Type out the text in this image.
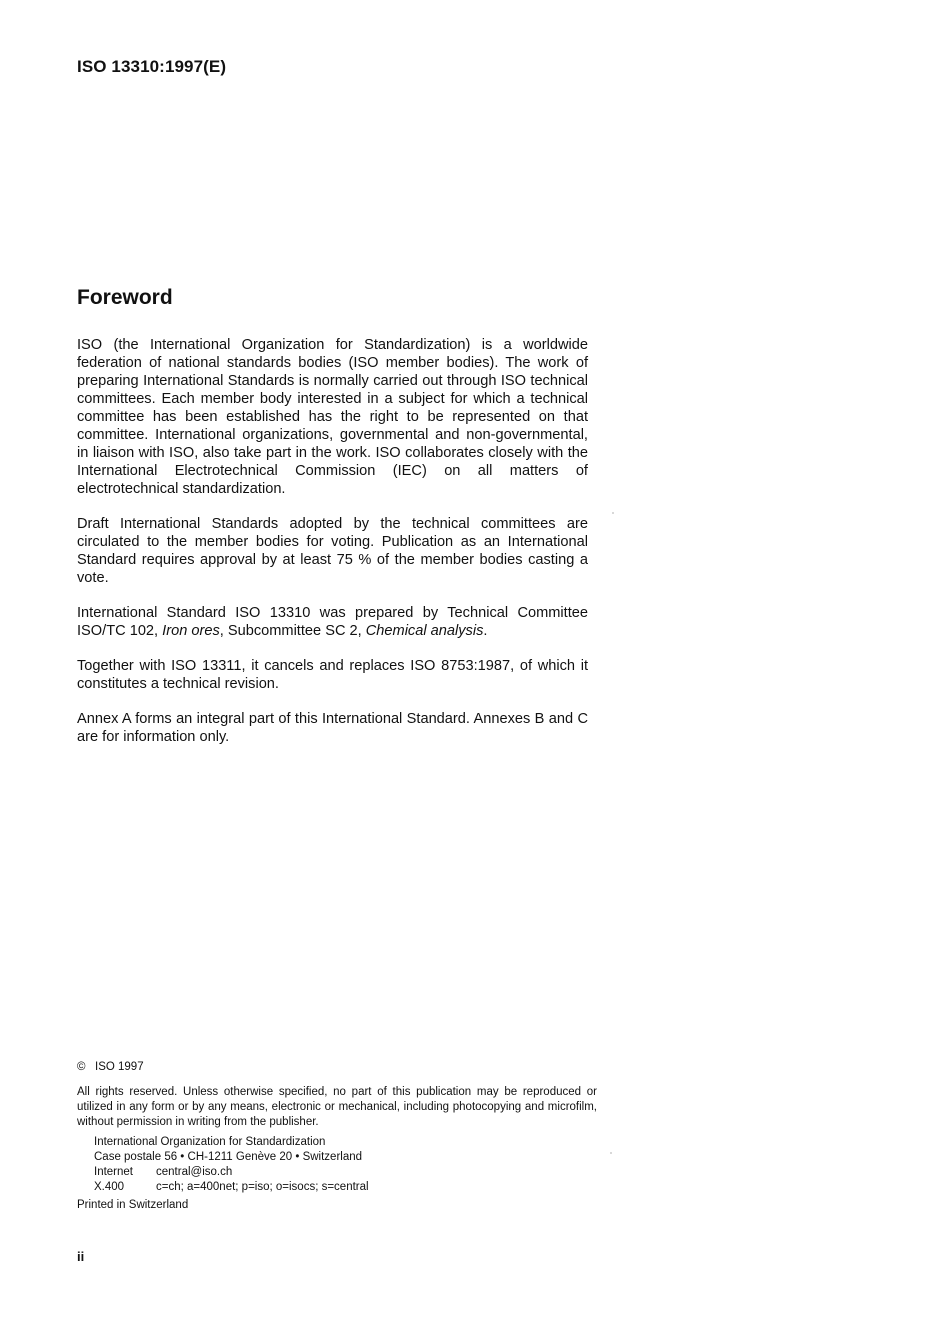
ISO 13310:1997(E)
Foreword

ISO (the International Organization for Standardization) is a worldwide federation of national standards bodies (ISO member bodies). The work of preparing International Standards is normally carried out through ISO technical committees. Each member body interested in a subject for which a technical committee has been established has the right to be represented on that committee. International organizations, governmental and non-governmental, in liaison with ISO, also take part in the work. ISO collaborates closely with the International Electrotechnical Commission (IEC) on all matters of electrotechnical standardization.

Draft International Standards adopted by the technical committees are circulated to the member bodies for voting. Publication as an International Standard requires approval by at least 75 % of the member bodies casting a vote.

International Standard ISO 13310 was prepared by Technical Committee ISO/TC 102, Iron ores, Subcommittee SC 2, Chemical analysis.

Together with ISO 13311, it cancels and replaces ISO 8753:1987, of which it constitutes a technical revision.

Annex A forms an integral part of this International Standard. Annexes B and C are for information only.

© ISO 1997
All rights reserved. Unless otherwise specified, no part of this publication may be reproduced or utilized in any form or by any means, electronic or mechanical, including photocopying and microfilm, without permission in writing from the publisher.
International Organization for Standardization
Case postale 56 • CH-1211 Genève 20 • Switzerland
Internet central@iso.ch
X.400	c=ch; a=400net; p=iso; o=isocs; s=central
Printed in Switzerland
ii
